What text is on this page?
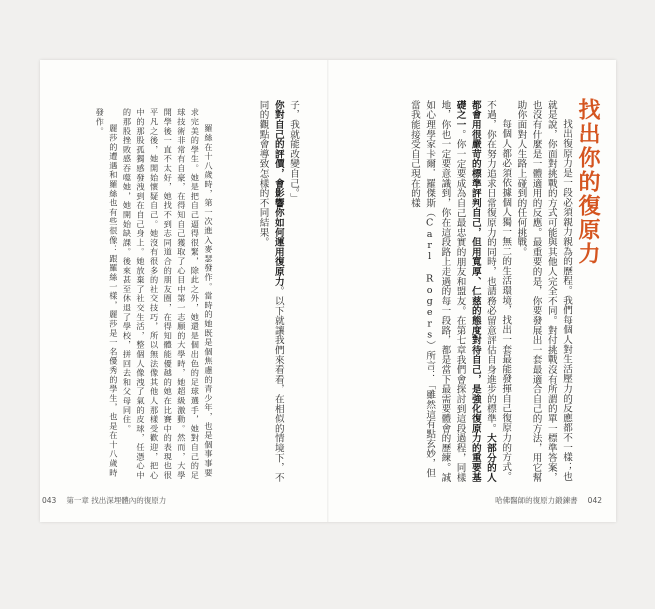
子，我就能改變自己。」
你對自己的評價，會影響你如何運用復原力。以下就讓我們來看看，在相似的情境下，不同的觀點會導致怎樣的不同結果。

羅絲在十八歲時，第一次進入麥瑟發作。當時的她既是個焦慮的青少年，也是個事事要求完美的學生。她是把自己逼得很緊，除此之外，她還是個出色的足球選手，她對自己的足球技術非常有自豪，在得知自己獲取了心目中第一志願的大學時，她超級激動。然而，大學開學後一直不太好，她找不到志同道合的朋友圈，在得知體能優越的她在比賽中的表現也很平凡之後，她開始懷疑自己。她沒有很多的社交技巧，所以無法像其他人那樣受歡迎，把心中的那股孤獨感發洩到在自己身上。她放棄了社交生活，整個人像洩了氣的皮球，任憑心中的那股挫敗感吞噬她，她開始缺課。後來甚至休退了學校，拼回去和父母同住。

麗莎的遭遇和羅絲也有些很像：跟羅絲一樣，麗莎是一名優秀的學生，也是在十八歲時發作。

043 第一章 找出深埋體內的復原力
找出你的復原力

找出復原力是一段必須親力親為的歷程。我們每個人對生活壓力的反應都不一樣；也就是說，你面對挑戰的方式可能與其他人完全不同。對付挑戰沒有所謂的單一標準答案，也沒有什麼是一體適用的反應。最重要的是，你要發展出一套最適合自己的方法，用它幫助你面對人生路上碰到的任何挑戰。

每個人都必須依據個人獨一無二的生活環境，找出一套最能發揮自己復原力的方式。不過，你在努力追求日常復原力的同時，也請務必留意評估自身進步的標準。大部分的人都會用很嚴苛的標準評判自己，但用寬厚、仁慈的態度對待自己，是強化復原力的重要基礎之一。你一定要成為自己最忠實的朋友和盟友。在第七章我們會探討到這段過程，同樣地，你也一定要意識到，你在這段路上走過的每一段路，都是當下最需要體會的歷練。誠如心理學家卡爾．羅傑斯（Carl Rogers）所言：「雖然這有點玄妙，但當我能接受自己現在的樣

哈佛醫師的復原力鍛鍊書 042
